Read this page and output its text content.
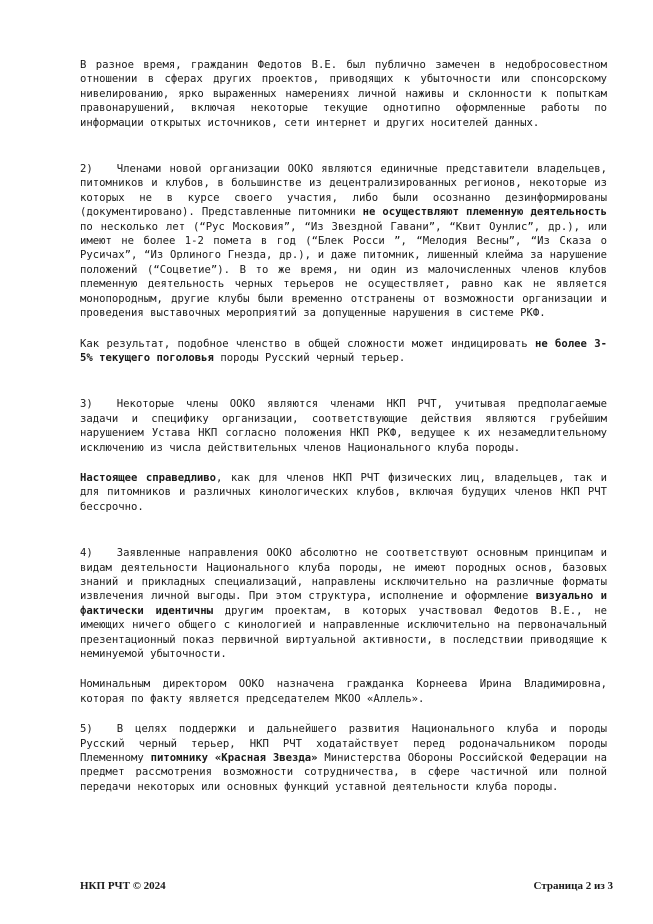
В разное время, гражданин Федотов В.Е. был публично замечен в недобросовестном отношении в сферах других проектов, приводящих к убыточности или спонсорскому нивелированию, ярко выраженных намерениях личной наживы и склонности к попыткам правонарушений, включая некоторые текущие однотипно оформленные работы по информации открытых источников, сети интернет и других носителей данных.

2) Членами новой организации ООКО являются единичные представители владельцев, питомников и клубов, в большинстве из децентрализированных регионов, некоторые из которых не в курсе своего участия, либо были осознанно дезинформированы (документировано). Представленные питомники не осуществляют племенную деятельность по несколько лет (“Рус Московия”, “Из Звездной Гавани”, “Квит Оунлис”, др.), или имеют не более 1-2 помета в год (“Блек Росси ”, “Мелодия Весны”, “Из Сказа о Русичах”, “Из Орлиного Гнезда, др.), и даже питомник, лишенный клейма за нарушение положений (“Соцветие”). В то же время, ни один из малочисленных членов клубов племенную деятельность черных терьеров не осуществляет, равно как не является монопородным, другие клубы были временно отстранены от возможности организации и проведения выставочных мероприятий за допущенные нарушения в системе РКФ.

Как результат, подобное членство в общей сложности может индицировать не более 3-5% текущего поголовья породы Русский черный терьер.

3) Некоторые члены ООКО являются членами НКП РЧТ, учитывая предполагаемые задачи и специфику организации, соответствующие действия являются грубейшим нарушением Устава НКП согласно положения НКП РКФ, ведущее к их незамедлительному исключению из числа действительных членов Национального клуба породы.

Настоящее справедливо, как для членов НКП РЧТ физических лиц, владельцев, так и для питомников и различных кинологических клубов, включая будущих членов НКП РЧТ бессрочно.

4) Заявленные направления ООКО абсолютно не соответствуют основным принципам и видам деятельности Национального клуба породы, не имеют породных основ, базовых знаний и прикладных специализаций, направлены исключительно на различные форматы извлечения личной выгоды. При этом структура, исполнение и оформление визуально и фактически идентичны другим проектам, в которых участвовал Федотов В.Е., не имеющих ничего общего с кинологией и направленные исключительно на первоначальный презентационный показ первичной виртуальной активности, в последствии приводящие к неминуемой убыточности.

Номинальным директором ООКО назначена гражданка Корнеева Ирина Владимировна, которая по факту является председателем МКОО «Аллель».

5) В целях поддержки и дальнейшего развития Национального клуба и породы Русский черный терьер, НКП РЧТ ходатайствует перед родоначальником породы Племенному питомнику «Красная Звезда» Министерства Обороны Российской Федерации на предмет рассмотрения возможности сотрудничества, в сфере частичной или полной передачи некоторых или основных функций уставной деятельности клуба породы.

НКП РЧТ © 2024	Страница 2 из 3
